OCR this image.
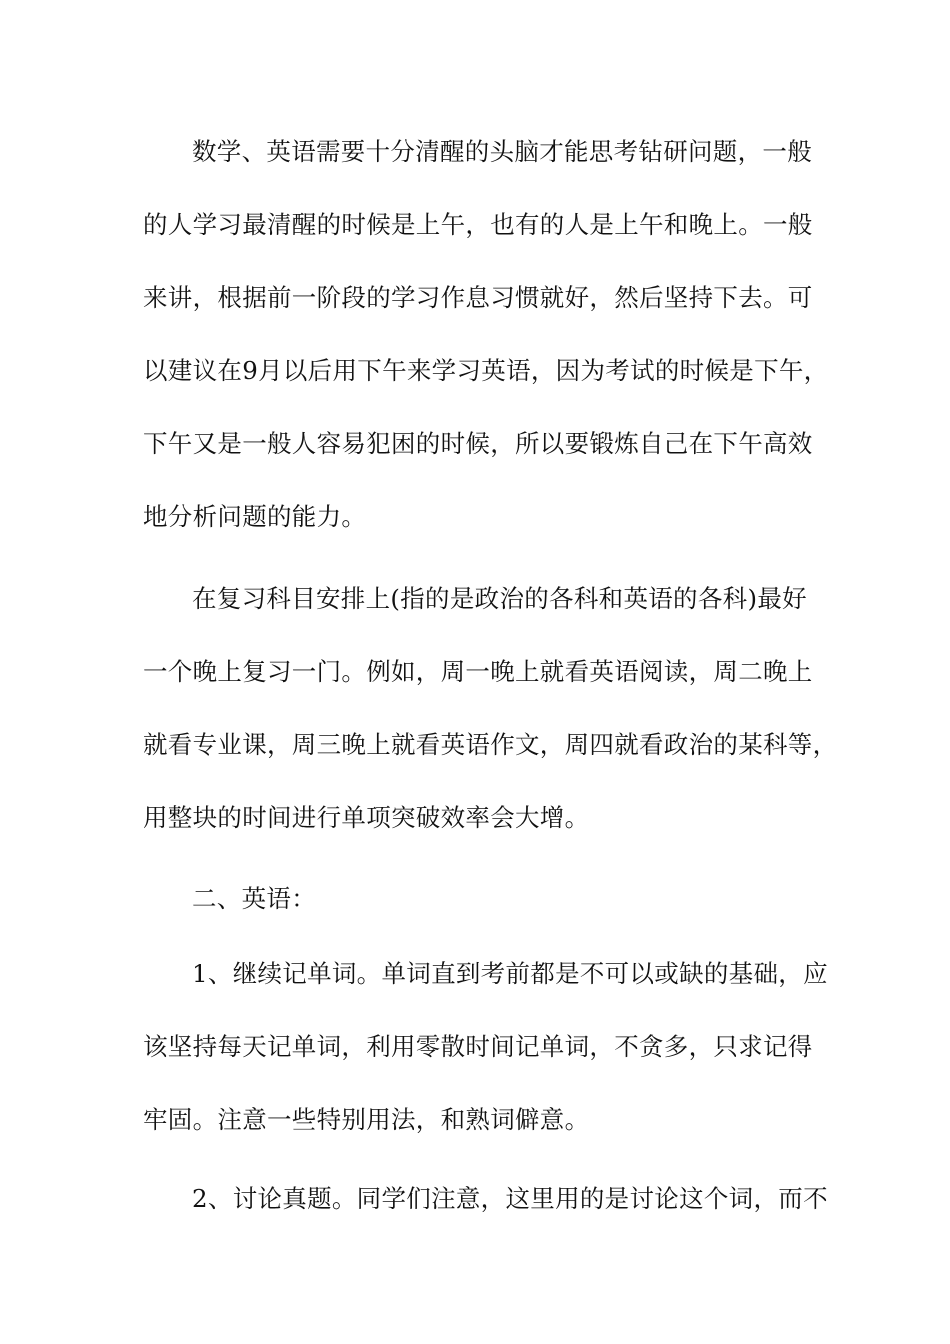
数学、英语需要十分清醒的头脑才能思考钻研问题，一般
的人学习最清醒的时候是上午，也有的人是上午和晚上。一般
来讲，根据前一阶段的学习作息习惯就好，然后坚持下去。可
以建议在9月以后用下午来学习英语，因为考试的时候是下午，
下午又是一般人容易犯困的时候，所以要锻炼自己在下午高效
地分析问题的能力。
在复习科目安排上(指的是政治的各科和英语的各科)最好
一个晚上复习一门。例如，周一晚上就看英语阅读，周二晚上
就看专业课，周三晚上就看英语作文，周四就看政治的某科等，
用整块的时间进行单项突破效率会大增。
二、英语：
1、继续记单词。单词直到考前都是不可以或缺的基础，应
该坚持每天记单词，利用零散时间记单词，不贪多，只求记得
牢固。注意一些特别用法，和熟词僻意。
2、讨论真题。同学们注意，这里用的是讨论这个词，而不
